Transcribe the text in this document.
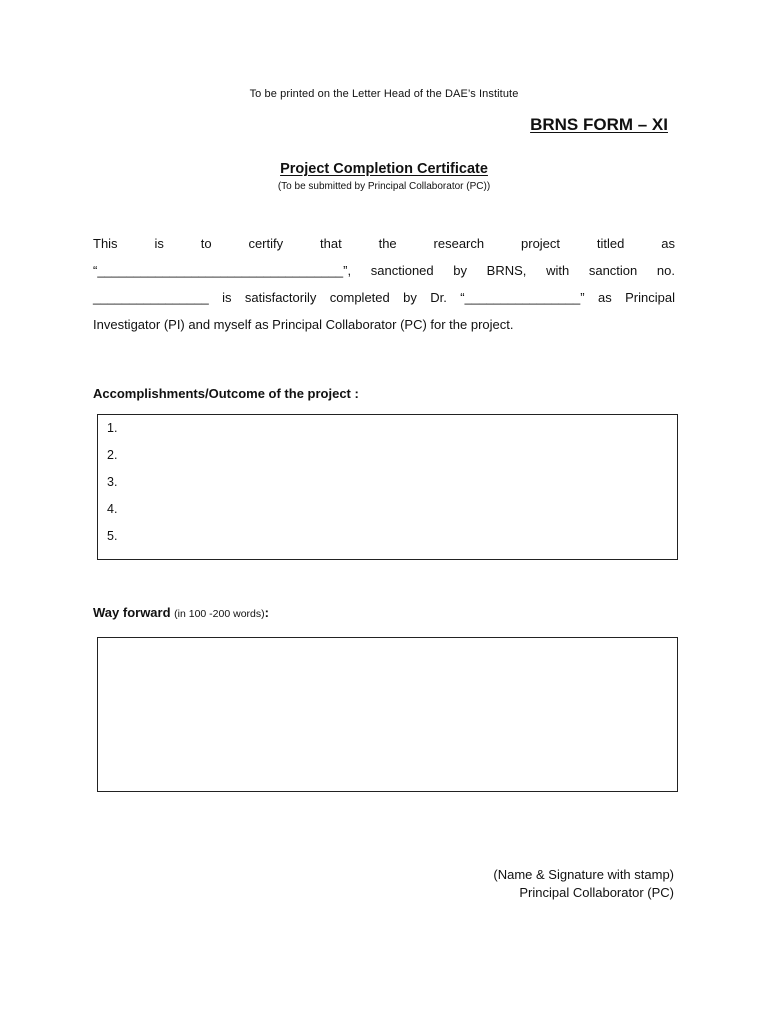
To be printed on the Letter Head of the DAE’s Institute
BRNS FORM – XI
Project Completion Certificate
(To be submitted by Principal Collaborator (PC))
This is to certify that the research project titled as
“__________________________________”, sanctioned by BRNS, with sanction no.
________________ is satisfactorily completed by Dr. “________________” as Principal
Investigator (PI) and myself as Principal Collaborator (PC) for the project.
Accomplishments/Outcome of the project :
1.
2.
3.
4.
5.
Way forward (in 100 -200 words):
(Name & Signature with stamp)
Principal Collaborator (PC)
